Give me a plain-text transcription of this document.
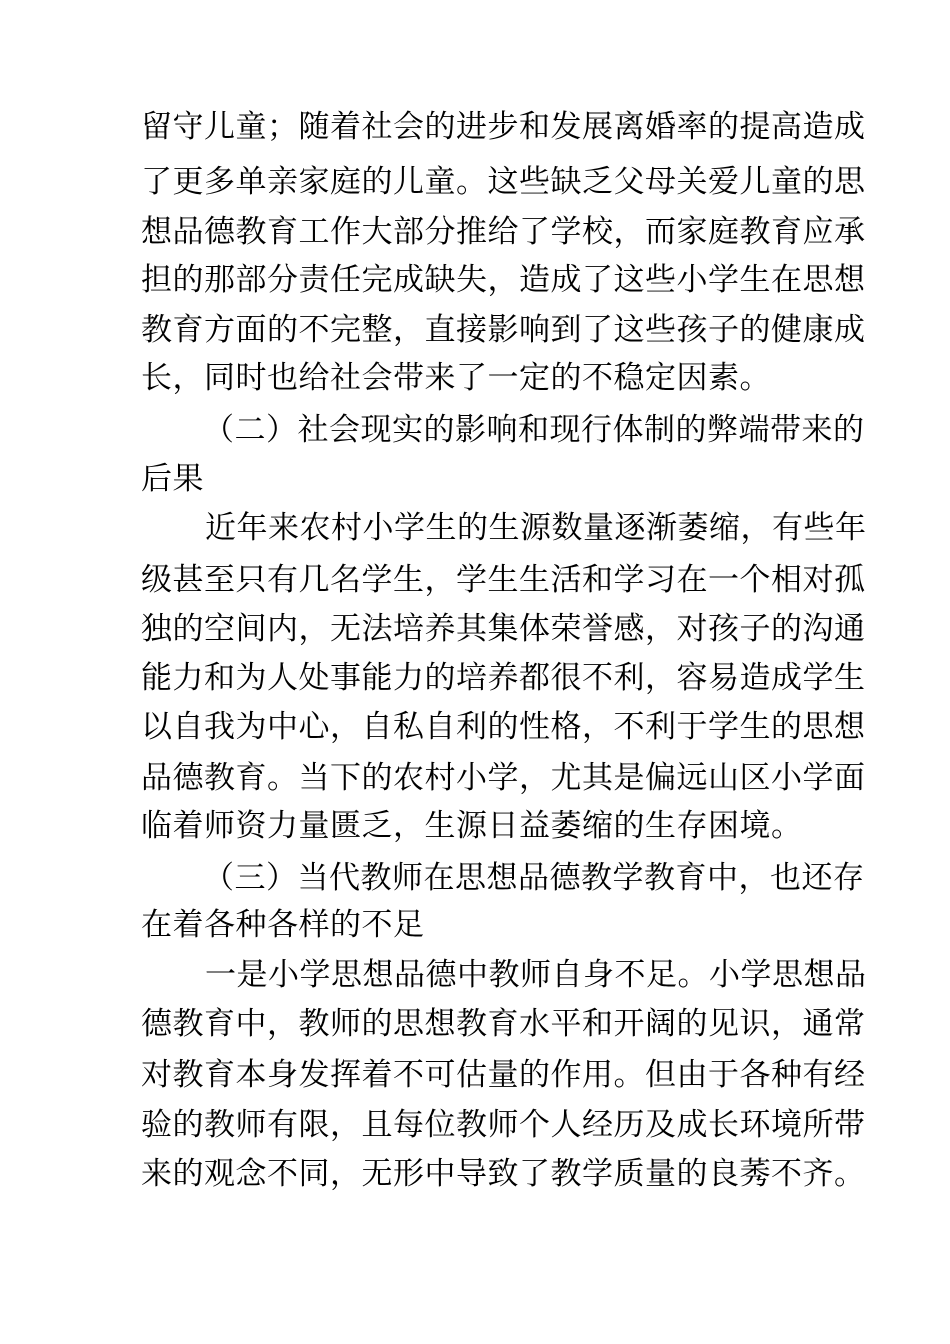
留守儿童；随着社会的进步和发展离婚率的提高造成
了更多单亲家庭的儿童。这些缺乏父母关爱儿童的思
想品德教育工作大部分推给了学校，而家庭教育应承
担的那部分责任完成缺失，造成了这些小学生在思想
教育方面的不完整，直接影响到了这些孩子的健康成
长，同时也给社会带来了一定的不稳定因素。
（二）社会现实的影响和现行体制的弊端带来的
后果
近年来农村小学生的生源数量逐渐萎缩，有些年
级甚至只有几名学生，学生生活和学习在一个相对孤
独的空间内，无法培养其集体荣誉感，对孩子的沟通
能力和为人处事能力的培养都很不利，容易造成学生
以自我为中心，自私自利的性格，不利于学生的思想
品德教育。当下的农村小学，尤其是偏远山区小学面
临着师资力量匮乏，生源日益萎缩的生存困境。
（三）当代教师在思想品德教学教育中，也还存
在着各种各样的不足
一是小学思想品德中教师自身不足。小学思想品
德教育中，教师的思想教育水平和开阔的见识，通常
对教育本身发挥着不可估量的作用。但由于各种有经
验的教师有限，且每位教师个人经历及成长环境所带
来的观念不同，无形中导致了教学质量的良莠不齐。
